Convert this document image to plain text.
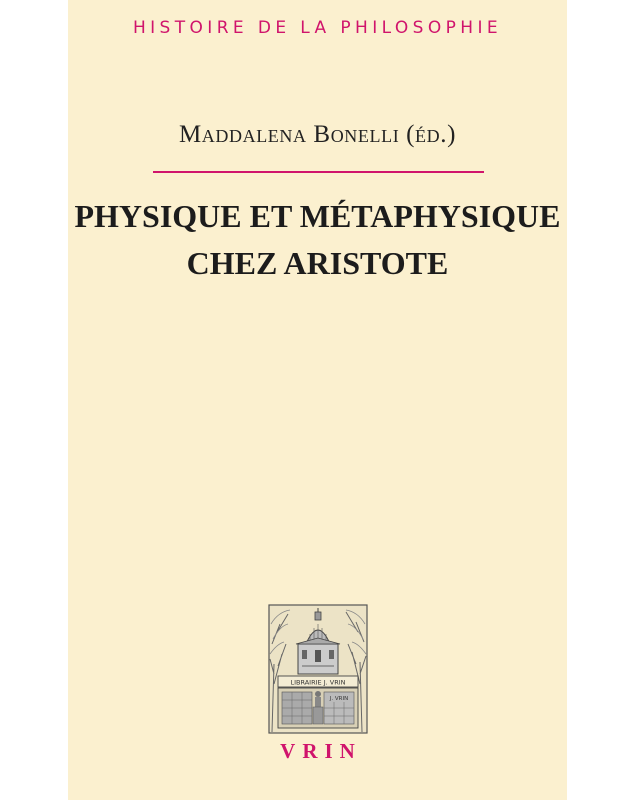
HISTOIRE DE LA PHILOSOPHIE
Maddalena Bonelli (éd.)
PHYSIQUE ET MÉTAPHYSIQUE
CHEZ ARISTOTE
LIBRAIRIE J. VRIN
J. VRIN
VRIN
